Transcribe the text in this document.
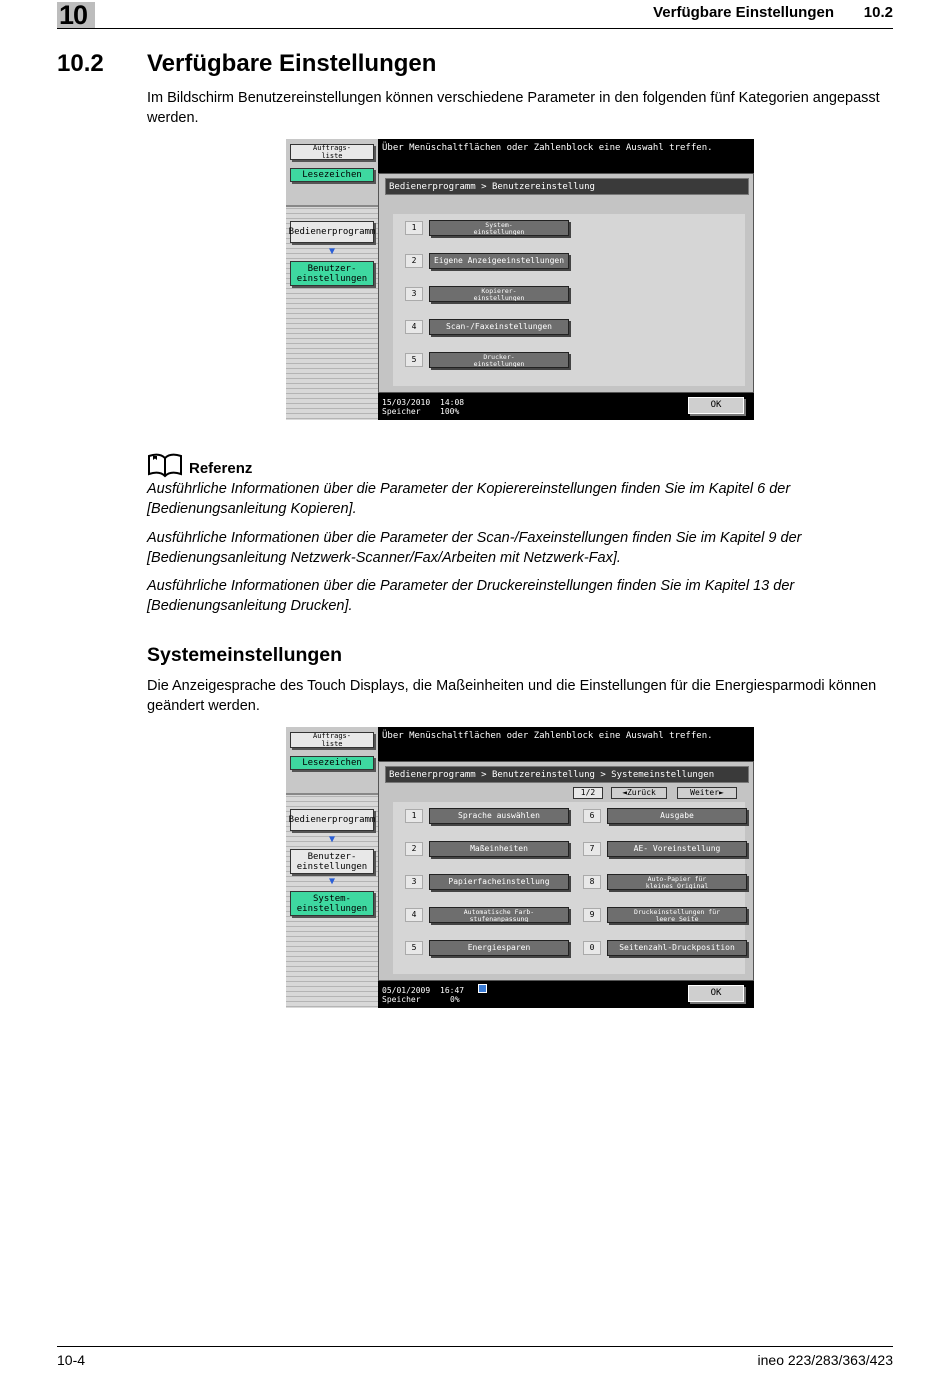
10	Verfügbare Einstellungen 10.2
10.2 Verfügbare Einstellungen
Im Bildschirm Benutzereinstellungen können verschiedene Parameter in den folgenden fünf Kategorien angepasst werden.
Auftrags-
liste
Lesezeichen
Bedienerprogramm
▼
Benutzer-
einstellungen
Über Menüschaltflächen oder Zahlenblock eine Auswahl treffen.
Bedienerprogramm > Benutzereinstellung
1	System-
einstellungen
2	Eigene Anzeigeeinstellungen
3	Kopierer-
einstellungen
4	Scan-/Faxeinstellungen
5	Drucker-
einstellungen
15/03/2010
Speicher
14:08
100%
OK
Referenz
Ausführliche Informationen über die Parameter der Kopierereinstellungen finden Sie im Kapitel 6 der [Bedienungsanleitung Kopieren].
Ausführliche Informationen über die Parameter der Scan-/Faxeinstellungen finden Sie im Kapitel 9 der [Bedienungsanleitung Netzwerk-Scanner/Fax/Arbeiten mit Netzwerk-Fax].
Ausführliche Informationen über die Parameter der Druckereinstellungen finden Sie im Kapitel 13 der [Bedienungsanleitung Drucken].
Systemeinstellungen
Die Anzeigesprache des Touch Displays, die Maßeinheiten und die Einstellungen für die Energiesparmodi können geändert werden.
Auftrags-
liste
Lesezeichen
Bedienerprogramm
▼
Benutzer-
einstellungen
▼
System-
einstellungen
Über Menüschaltflächen oder Zahlenblock eine Auswahl treffen.
Bedienerprogramm > Benutzereinstellung > Systemeinstellungen
1/2	◄Zurück	Weiter►
1	Sprache auswählen
2	Maßeinheiten
3	Papierfacheinstellung
4	Automatische Farb-
stufenanpassung
5	Energiesparen
6	Ausgabe
7	AE- Voreinstellung
8	Auto-Papier für
kleines Original
9	Druckeinstellungen für
leere Seite
0	Seitenzahl-Druckposition
05/01/2009
Speicher
16:47
0%
OK
10-4	ineo 223/283/363/423
